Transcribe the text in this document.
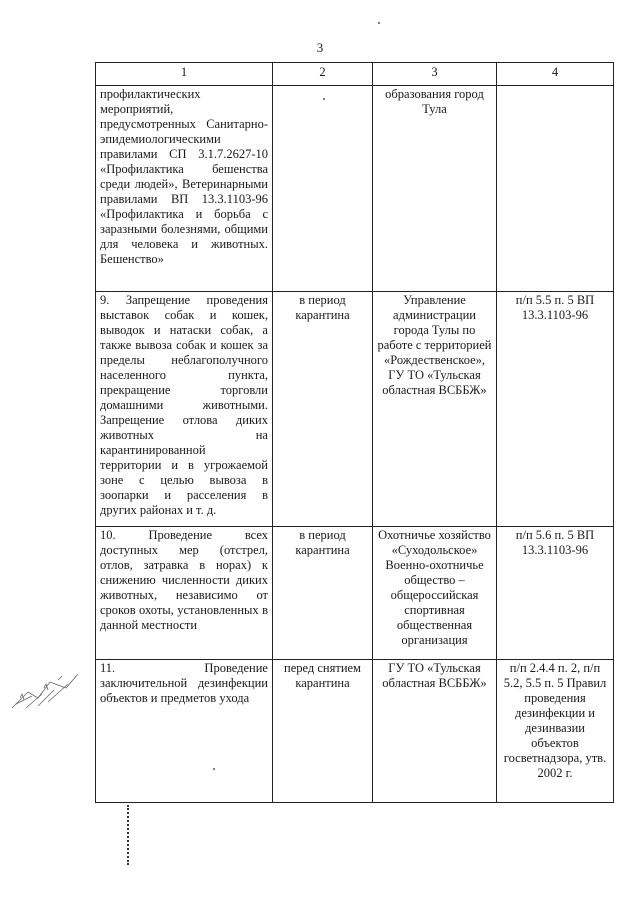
3
1	2	3	4
профилактических мероприятий, предусмотренных Санитарно-эпидемиологическими правилами СП 3.1.7.2627-10 «Профилактика бешенства среди людей», Ветеринарными правилами ВП 13.3.1103-96 «Профилактика и борьба с заразными болезнями, общими для человека и животных. Бешенство»		образования город Тула	
9. Запрещение проведения выставок собак и кошек, выводок и натаски собак, а также вывоза собак и кошек за пределы неблагополучного населенного пункта, прекращение торговли домашними животными. Запрещение отлова диких животных на карантинированной территории и в угрожаемой зоне с целью вывоза в зоопарки и расселения в других районах и т. д.	в период карантина	Управление администрации города Тулы по работе с территорией «Рождественское», ГУ ТО «Тульская областная ВСББЖ»	п/п 5.5 п. 5 ВП 13.3.1103-96
10. Проведение всех доступных мер (отстрел, отлов, затравка в норах) к снижению численности диких животных, независимо от сроков охоты, установленных в данной местности	в период карантина	Охотничье хозяйство «Суходольское» Военно-охотничье общество – общероссийская спортивная общественная организация	п/п 5.6 п. 5 ВП 13.3.1103-96
11. Проведение заключительной дезинфекции объектов и предметов ухода	перед снятием карантина	ГУ ТО «Тульская областная ВСББЖ»	п/п 2.4.4 п. 2, п/п 5.2, 5.5 п. 5 Правил проведения дезинфекции и дезинвазии объектов госветнадзора, утв. 2002 г.
